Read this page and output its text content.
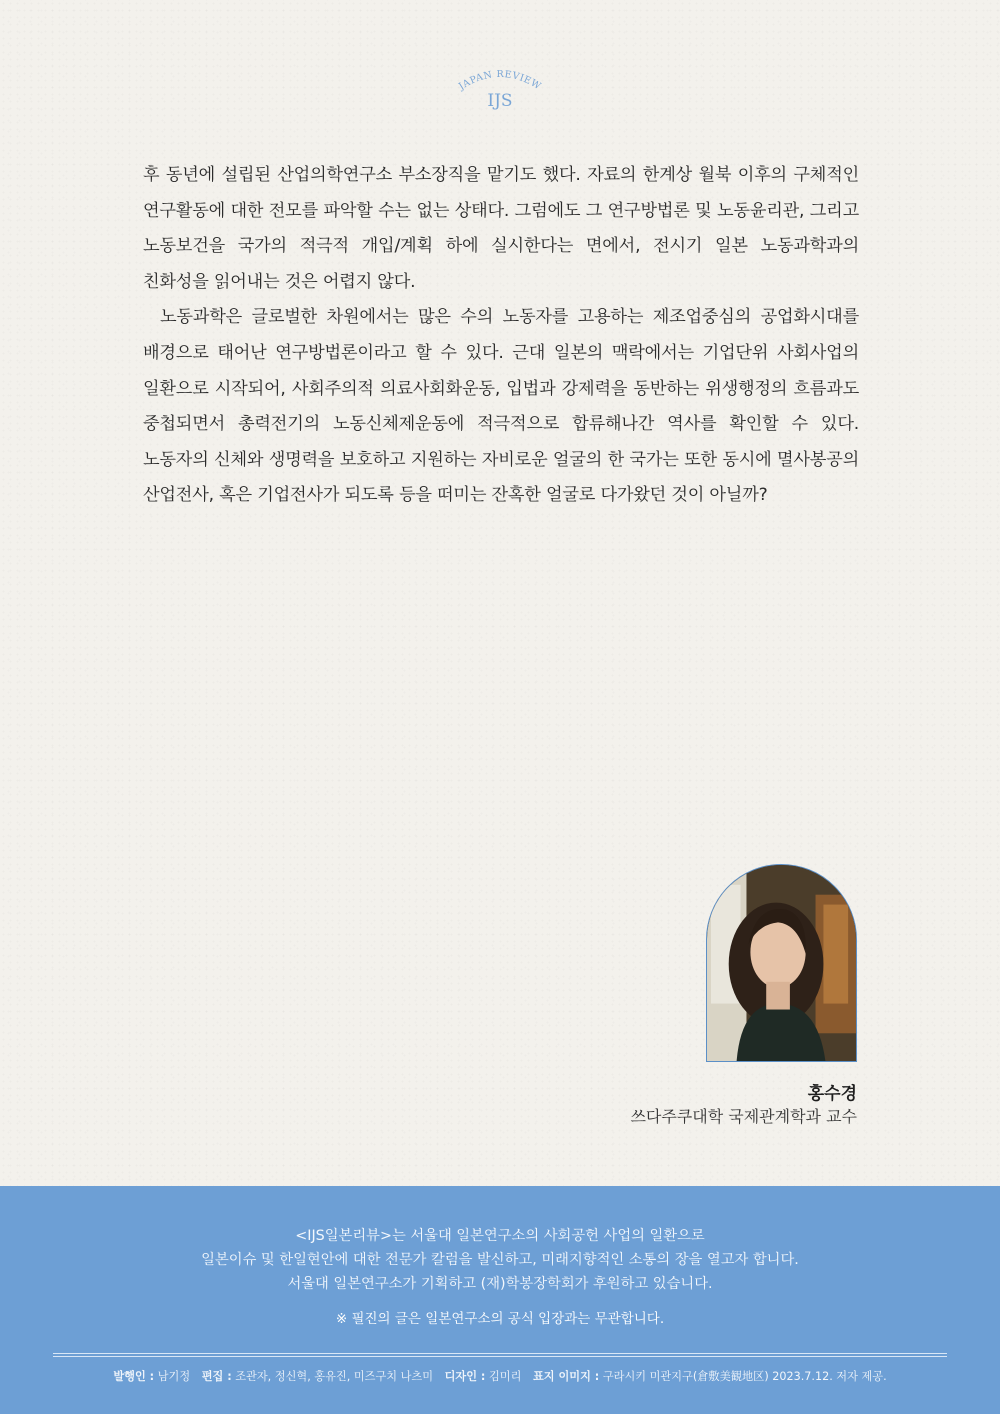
JAPAN REVIEW
IJS

후 동년에 설립된 산업의학연구소 부소장직을 맡기도 했다. 자료의 한계상 월북 이후의 구체적인 연구활동에 대한 전모를 파악할 수는 없는 상태다. 그럼에도 그 연구방법론 및 노동윤리관, 그리고 노동보건을 국가의 적극적 개입/계획 하에 실시한다는 면에서, 전시기 일본 노동과학과의 친화성을 읽어내는 것은 어렵지 않다.

노동과학은 글로벌한 차원에서는 많은 수의 노동자를 고용하는 제조업중심의 공업화시대를 배경으로 태어난 연구방법론이라고 할 수 있다. 근대 일본의 맥락에서는 기업단위 사회사업의 일환으로 시작되어, 사회주의적 의료사회화운동, 입법과 강제력을 동반하는 위생행정의 흐름과도 중첩되면서 총력전기의 노동신체제운동에 적극적으로 합류해나간 역사를 확인할 수 있다. 노동자의 신체와 생명력을 보호하고 지원하는 자비로운 얼굴의 한 국가는 또한 동시에 멸사봉공의 산업전사, 혹은 기업전사가 되도록 등을 떠미는 잔혹한 얼굴로 다가왔던 것이 아닐까?

홍수경
쓰다주쿠대학 국제관계학과 교수
<IJS일본리뷰>는 서울대 일본연구소의 사회공헌 사업의 일환으로
일본이슈 및 한일현안에 대한 전문가 칼럼을 발신하고, 미래지향적인 소통의 장을 열고자 합니다.
서울대 일본연구소가 기획하고 (재)학봉장학회가 후원하고 있습니다.
※ 필진의 글은 일본연구소의 공식 입장과는 무관합니다.
발행인 : 남기정 편집 : 조관자, 정신혁, 홍유진, 미즈구치 나츠미 디자인 : 김미리 표지 이미지 : 구라시키 미관지구(倉敷美観地区) 2023.7.12. 저자 제공.
